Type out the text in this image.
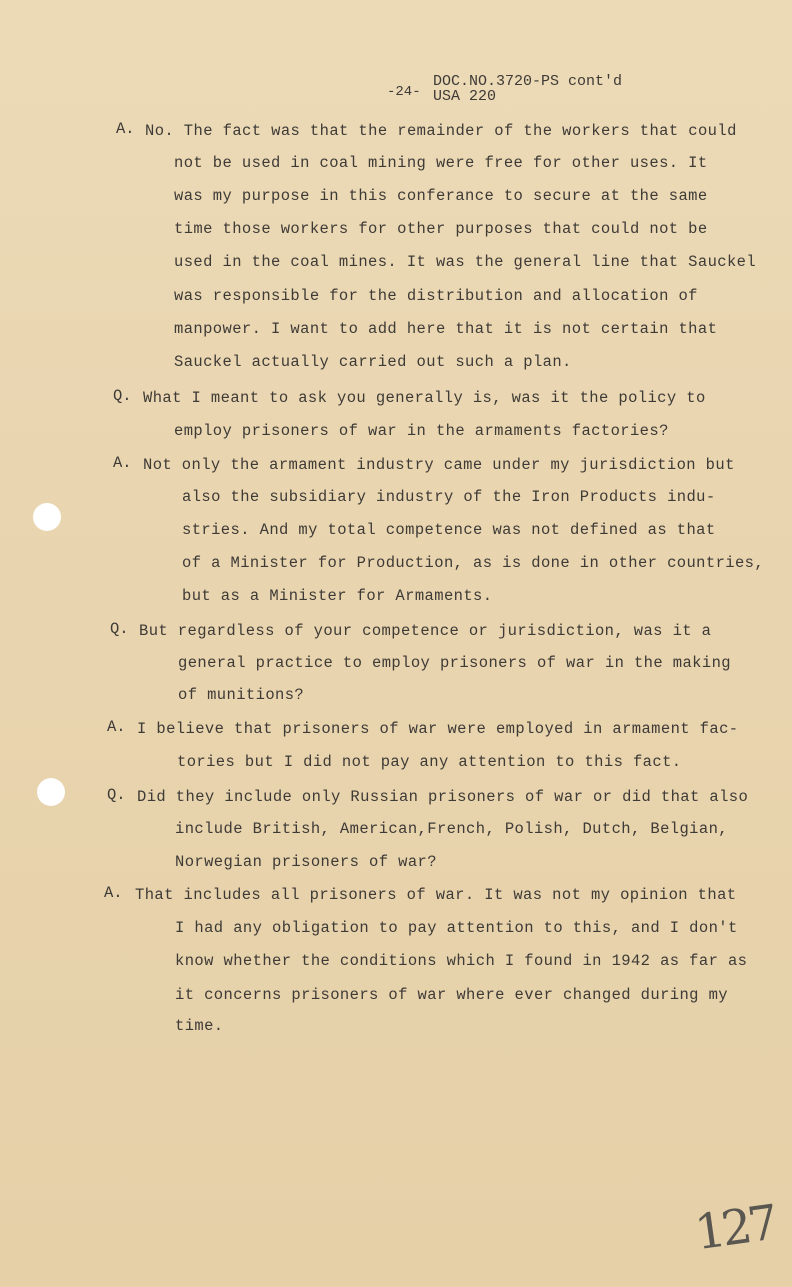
-24-
DOC.NO.3720-PS cont'd
USA 220
A. No. The fact was that the remainder of the workers that could
not be used in coal mining were free for other uses. It
was my purpose in this conferance to secure at the same
time those workers for other purposes that could not be
used in the coal mines. It was the general line that Sauckel
was responsible for the distribution and allocation of
manpower. I want to add here that it is not certain that
Sauckel actually carried out such a plan.
Q. What I meant to ask you generally is, was it the policy to
employ prisoners of war in the armaments factories?
A. Not only the armament industry came under my jurisdiction but
also the subsidiary industry of the Iron Products indu-
stries. And my total competence was not defined as that
of a Minister for Production, as is done in other countries,
but as a Minister for Armaments.
Q. But regardless of your competence or jurisdiction, was it a
general practice to employ prisoners of war in the making
of munitions?
A. I believe that prisoners of war were employed in armament fac-
tories but I did not pay any attention to this fact.
Q. Did they include only Russian prisoners of war or did that also
include British, American,French, Polish, Dutch, Belgian,
Norwegian prisoners of war?
A. That includes all prisoners of war. It was not my opinion that
I had any obligation to pay attention to this, and I don't
know whether the conditions which I found in 1942 as far as
it concerns prisoners of war where ever changed during my
time.
127
